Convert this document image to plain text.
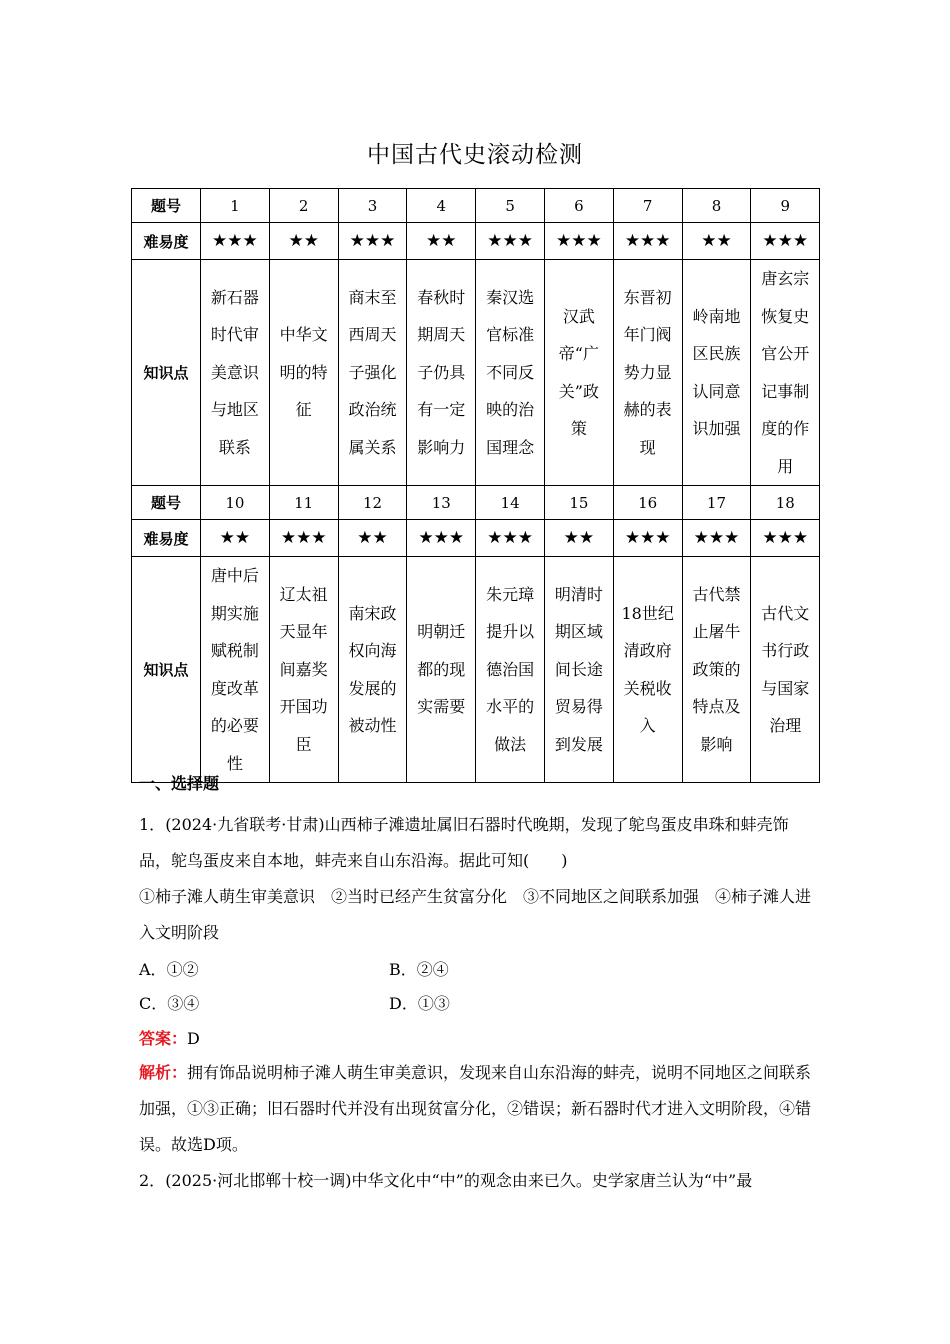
中国古代史滚动检测
题号	1	2	3	4	5	6	7	8	9
难易度	★★★	★★	★★★	★★	★★★	★★★	★★★	★★	★★★
知识点	新石器时代审美意识与地区联系	中华文明的特征	商末至西周天子强化政治统属关系	春秋时期周天子仍具有一定影响力	秦汉选官标准不同反映的治国理念	汉武帝“广关”政策	东晋初年门阀势力显赫的表现	岭南地区民族认同意识加强	唐玄宗恢复史官公开记事制度的作用
题号	10	11	12	13	14	15	16	17	18
难易度	★★	★★★	★★	★★★	★★★	★★	★★★	★★★	★★★
知识点	唐中后期实施赋税制度改革的必要性	辽太祖天显年间嘉奖开国功臣	南宋政权向海发展的被动性	明朝迁都的现实需要	朱元璋提升以德治国水平的做法	明清时期区域间长途贸易得到发展	18世纪清政府关税收入	古代禁止屠牛政策的特点及影响	古代文书行政与国家治理
一、选择题
1．(2024·九省联考·甘肃)山西柿子滩遗址属旧石器时代晚期，发现了鸵鸟蛋皮串珠和蚌壳饰品，鸵鸟蛋皮来自本地，蚌壳来自山东沿海。据此可知(　　)
①柿子滩人萌生审美意识　②当时已经产生贫富分化　③不同地区之间联系加强　④柿子滩人进入文明阶段
A．①②	B．②④
C．③④	D．①③
答案：D
解析：拥有饰品说明柿子滩人萌生审美意识，发现来自山东沿海的蚌壳，说明不同地区之间联系加强，①③正确；旧石器时代并没有出现贫富分化，②错误；新石器时代才进入文明阶段，④错误。故选D项。
2．(2025·河北邯郸十校一调)中华文化中“中”的观念由来已久。史学家唐兰认为“中”最
